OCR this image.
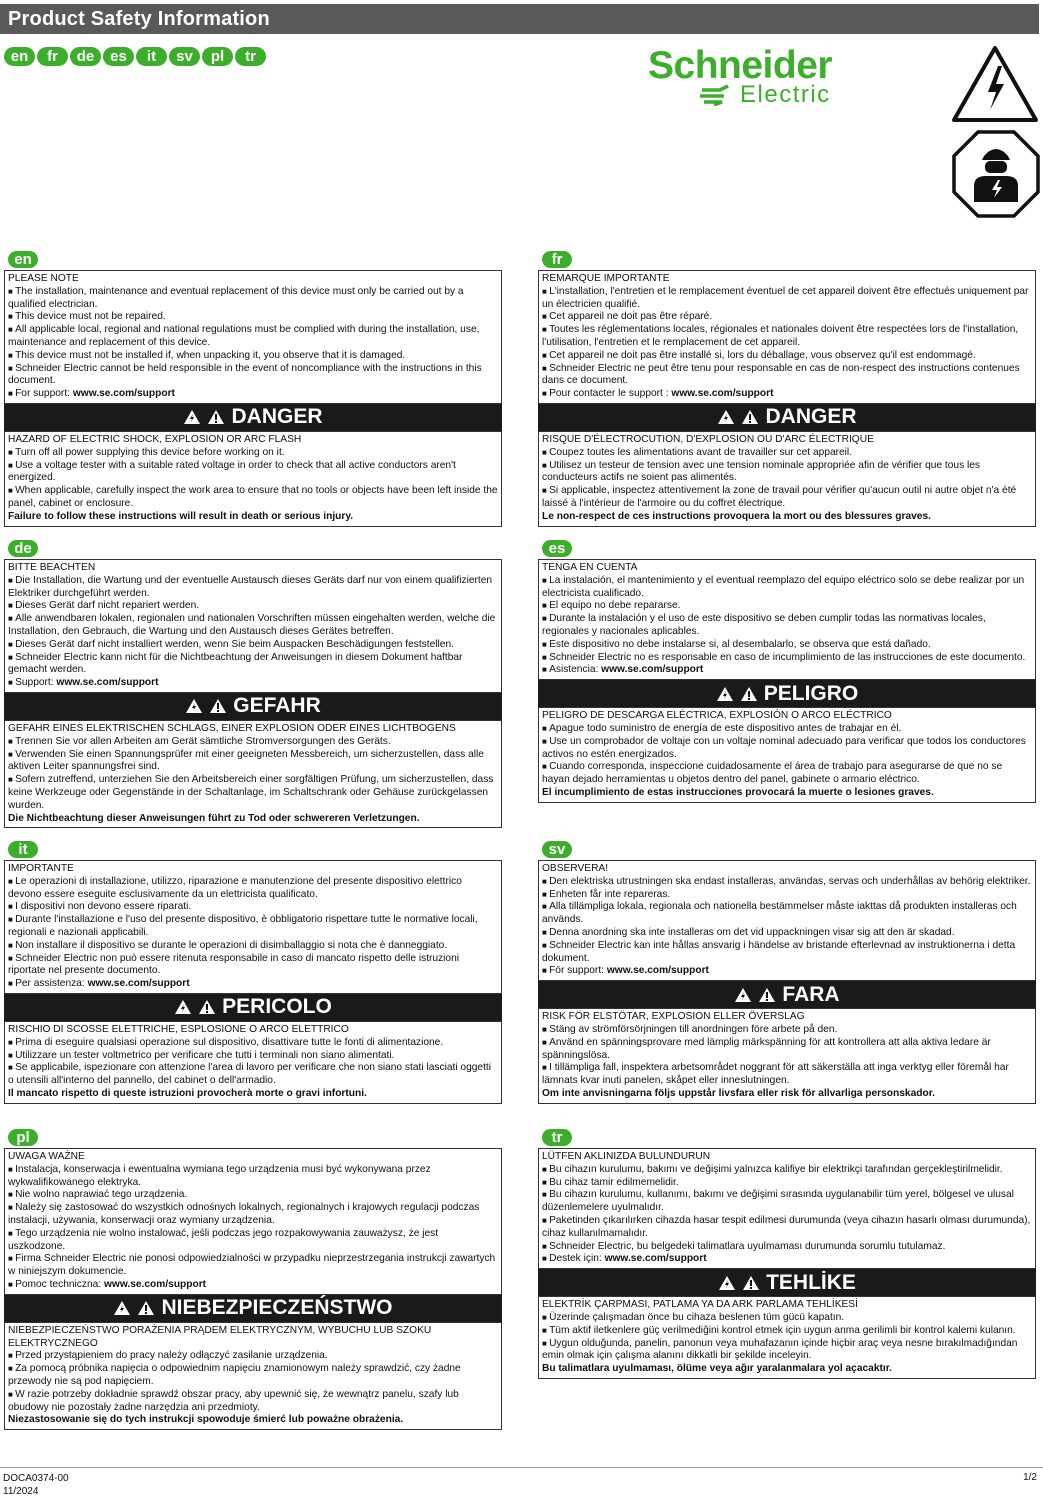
Product Safety Information
en	fr	de	es	it	sv	pl	tr	Schneider
Electric
en

PLEASE NOTE

■ The installation, maintenance and eventual replacement of this device must only be carried out by a qualified electrician.

■ This device must not be repaired.

■ All applicable local, regional and national regulations must be complied with during the installation, use, maintenance and replacement of this device.

■ This device must not be installed if, when unpacking it, you observe that it is damaged.

■ Schneider Electric cannot be held responsible in the event of noncompliance with the instructions in this document.

■ For support: www.se.com/support

DANGER

HAZARD OF ELECTRIC SHOCK, EXPLOSION OR ARC FLASH

■ Turn off all power supplying this device before working on it.

■ Use a voltage tester with a suitable rated voltage in order to check that all active conductors aren't energized.

■ When applicable, carefully inspect the work area to ensure that no tools or objects have been left inside the panel, cabinet or enclosure.

Failure to follow these instructions will result in death or serious injury.

fr

REMARQUE IMPORTANTE

■ L'installation, l'entretien et le remplacement éventuel de cet appareil doivent être effectués uniquement par un électricien qualifié.

■ Cet appareil ne doit pas être réparé.

■ Toutes les réglementations locales, régionales et nationales doivent être respectées lors de l'installation, l'utilisation, l'entretien et le remplacement de cet appareil.

■ Cet appareil ne doit pas être installé si, lors du déballage, vous observez qu'il est endommagé.

■ Schneider Electric ne peut être tenu pour responsable en cas de non-respect des instructions contenues dans ce document.

■ Pour contacter le support : www.se.com/support

DANGER

RISQUE D'ÉLECTROCUTION, D'EXPLOSION OU D'ARC ÉLECTRIQUE

■ Coupez toutes les alimentations avant de travailler sur cet appareil.

■ Utilisez un testeur de tension avec une tension nominale appropriée afin de vérifier que tous les conducteurs actifs ne soient pas alimentés.

■ Si applicable, inspectez attentivement la zone de travail pour vérifier qu'aucun outil ni autre objet n'a été laissé à l'intérieur de l'armoire ou du coffret électrique.

Le non-respect de ces instructions provoquera la mort ou des blessures graves.

de

BITTE BEACHTEN

■ Die Installation, die Wartung und der eventuelle Austausch dieses Geräts darf nur von einem qualifizierten Elektriker durchgeführt werden.

■ Dieses Gerät darf nicht repariert werden.

■ Alle anwendbaren lokalen, regionalen und nationalen Vorschriften müssen eingehalten werden, welche die Installation, den Gebrauch, die Wartung und den Austausch dieses Gerätes betreffen.

■ Dieses Gerät darf nicht installiert werden, wenn Sie beim Auspacken Beschädigungen feststellen.

■ Schneider Electric kann nicht für die Nichtbeachtung der Anweisungen in diesem Dokument haftbar gemacht werden.

■ Support: www.se.com/support

GEFAHR

GEFAHR EINES ELEKTRISCHEN SCHLAGS, EINER EXPLOSION ODER EINES LICHTBOGENS

■ Trennen Sie vor allen Arbeiten am Gerät sämtliche Stromversorgungen des Geräts.

■ Verwenden Sie einen Spannungsprüfer mit einer geeigneten Messbereich, um sicherzustellen, dass alle aktiven Leiter spannungsfrei sind.

■ Sofern zutreffend, unterziehen Sie den Arbeitsbereich einer sorgfältigen Prüfung, um sicherzustellen, dass keine Werkzeuge oder Gegenstände in der Schaltanlage, im Schaltschrank oder Gehäuse zurückgelassen wurden.

Die Nichtbeachtung dieser Anweisungen führt zu Tod oder schwereren Verletzungen.

es

TENGA EN CUENTA

■ La instalación, el mantenimiento y el eventual reemplazo del equipo eléctrico solo se debe realizar por un electricista cualificado.

■ El equipo no debe repararse.

■ Durante la instalación y el uso de este dispositivo se deben cumplir todas las normativas locales, regionales y nacionales aplicables.

■ Este dispositivo no debe instalarse si, al desembalarlo, se observa que está dañado.

■ Schneider Electric no es responsable en caso de incumplimiento de las instrucciones de este documento.

■ Asistencia: www.se.com/support

PELIGRO

PELIGRO DE DESCARGA ELÉCTRICA, EXPLOSIÓN O ARCO ELÉCTRICO

■ Apague todo suministro de energía de este dispositivo antes de trabajar en él.

■ Use un comprobador de voltaje con un voltaje nominal adecuado para verificar que todos los conductores activos no estén energizados.

■ Cuando corresponda, inspeccione cuidadosamente el área de trabajo para asegurarse de que no se hayan dejado herramientas u objetos dentro del panel, gabinete o armario eléctrico.

El incumplimiento de estas instrucciones provocará la muerte o lesiones graves.

it

IMPORTANTE

■ Le operazioni di installazione, utilizzo, riparazione e manutenzione del presente dispositivo elettrico devono essere eseguite esclusivamente da un elettricista qualificato.

■ I dispositivi non devono essere riparati.

■ Durante l'installazione e l'uso del presente dispositivo, è obbligatorio rispettare tutte le normative locali, regionali e nazionali applicabili.

■ Non installare il dispositivo se durante le operazioni di disimballaggio si nota che è danneggiato.

■ Schneider Electric non può essere ritenuta responsabile in caso di mancato rispetto delle istruzioni riportate nel presente documento.

■ Per assistenza: www.se.com/support

PERICOLO

RISCHIO DI SCOSSE ELETTRICHE, ESPLOSIONE O ARCO ELETTRICO

■ Prima di eseguire qualsiasi operazione sul dispositivo, disattivare tutte le fonti di alimentazione.

■ Utilizzare un tester voltmetrico per verificare che tutti i terminali non siano alimentati.

■ Se applicabile, ispezionare con attenzione l'area di lavoro per verificare che non siano stati lasciati oggetti o utensili all'interno del pannello, del cabinet o dell'armadio.

Il mancato rispetto di queste istruzioni provocherà morte o gravi infortuni.

sv

OBSERVERA!

■ Den elektriska utrustningen ska endast installeras, användas, servas och underhållas av behörig elektriker.

■ Enheten får inte repareras.

■ Alla tillämpliga lokala, regionala och nationella bestämmelser måste iakttas då produkten installeras och används.

■ Denna anordning ska inte installeras om det vid uppackningen visar sig att den är skadad.

■ Schneider Electric kan inte hållas ansvarig i händelse av bristande efterlevnad av instruktionerna i detta dokument.

■ För support: www.se.com/support

FARA

RISK FÖR ELSTÖTAR, EXPLOSION ELLER ÖVERSLAG

■ Stäng av strömförsörjningen till anordningen före arbete på den.

■ Använd en spänningsprovare med lämplig märkspänning för att kontrollera att alla aktiva ledare är spänningslösa.

■ I tillämpliga fall, inspektera arbetsområdet noggrant för att säkerställa att inga verktyg eller föremål har lämnats kvar inuti panelen, skåpet eller inneslutningen.

Om inte anvisningarna följs uppstår livsfara eller risk för allvarliga personskador.

pl

UWAGA WAŻNE

■ Instalacja, konserwacja i ewentualna wymiana tego urządzenia musi być wykonywana przez wykwalifikowanego elektryka.

■ Nie wolno naprawiać tego urządzenia.

■ Należy się zastosować do wszystkich odnośnych lokalnych, regionalnych i krajowych regulacji podczas instalacji, używania, konserwacji oraz wymiany urządzenia.

■ Tego urządzenia nie wolno instalować, jeśli podczas jego rozpakowywania zauważysz, że jest uszkodzone.

■ Firma Schneider Electric nie ponosi odpowiedzialności w przypadku nieprzestrzegania instrukcji zawartych w niniejszym dokumencie.

■ Pomoc techniczna: www.se.com/support

NIEBEZPIECZEŃSTWO

NIEBEZPIECZEŃSTWO PORAŻENIA PRĄDEM ELEKTRYCZNYM, WYBUCHU LUB SZOKU ELEKTRYCZNEGO

■ Przed przystąpieniem do pracy należy odłączyć zasilanie urządzenia.

■ Za pomocą próbnika napięcia o odpowiednim napięciu znamionowym należy sprawdzić, czy żadne przewody nie są pod napięciem.

■ W razie potrzeby dokładnie sprawdź obszar pracy, aby upewnić się, że wewnątrz panelu, szafy lub obudowy nie pozostały żadne narzędzia ani przedmioty.

Niezastosowanie się do tych instrukcji spowoduje śmierć lub poważne obrażenia.

tr

LÜTFEN AKLINIZDA BULUNDURUN

■ Bu cihazın kurulumu, bakımı ve değişimi yalnızca kalifiye bir elektrikçi tarafından gerçekleştirilmelidir.

■ Bu cihaz tamir edilmemelidir.

■ Bu cihazın kurulumu, kullanımı, bakımı ve değişimi sırasında uygulanabilir tüm yerel, bölgesel ve ulusal düzenlemelere uyulmalıdır.

■ Paketinden çıkarılırken cihazda hasar tespit edilmesi durumunda (veya cihazın hasarlı olması durumunda), cihaz kullanılmamalıdır.

■ Schneider Electric, bu belgedeki talimatlara uyulmaması durumunda sorumlu tutulamaz.

■ Destek için: www.se.com/support

TEHLİKE

ELEKTRİK ÇARPMASI, PATLAMA YA DA ARK PARLAMA TEHLİKESİ

■ Üzerinde çalışmadan önce bu cihaza beslenen tüm gücü kapatın.

■ Tüm aktif iletkenlere güç verilmediğini kontrol etmek için uygun anma gerilimli bir kontrol kalemi kulanın.

■ Uygun olduğunda, panelin, panonun veya muhafazanın içinde hiçbir araç veya nesne bırakılmadığından emin olmak için çalışma alanını dikkatli bir şekilde inceleyin.

Bu talimatlara uyulmaması, ölüme veya ağır yaralanmalara yol açacaktır.

DOCA0374-00
11/2024
1/2
